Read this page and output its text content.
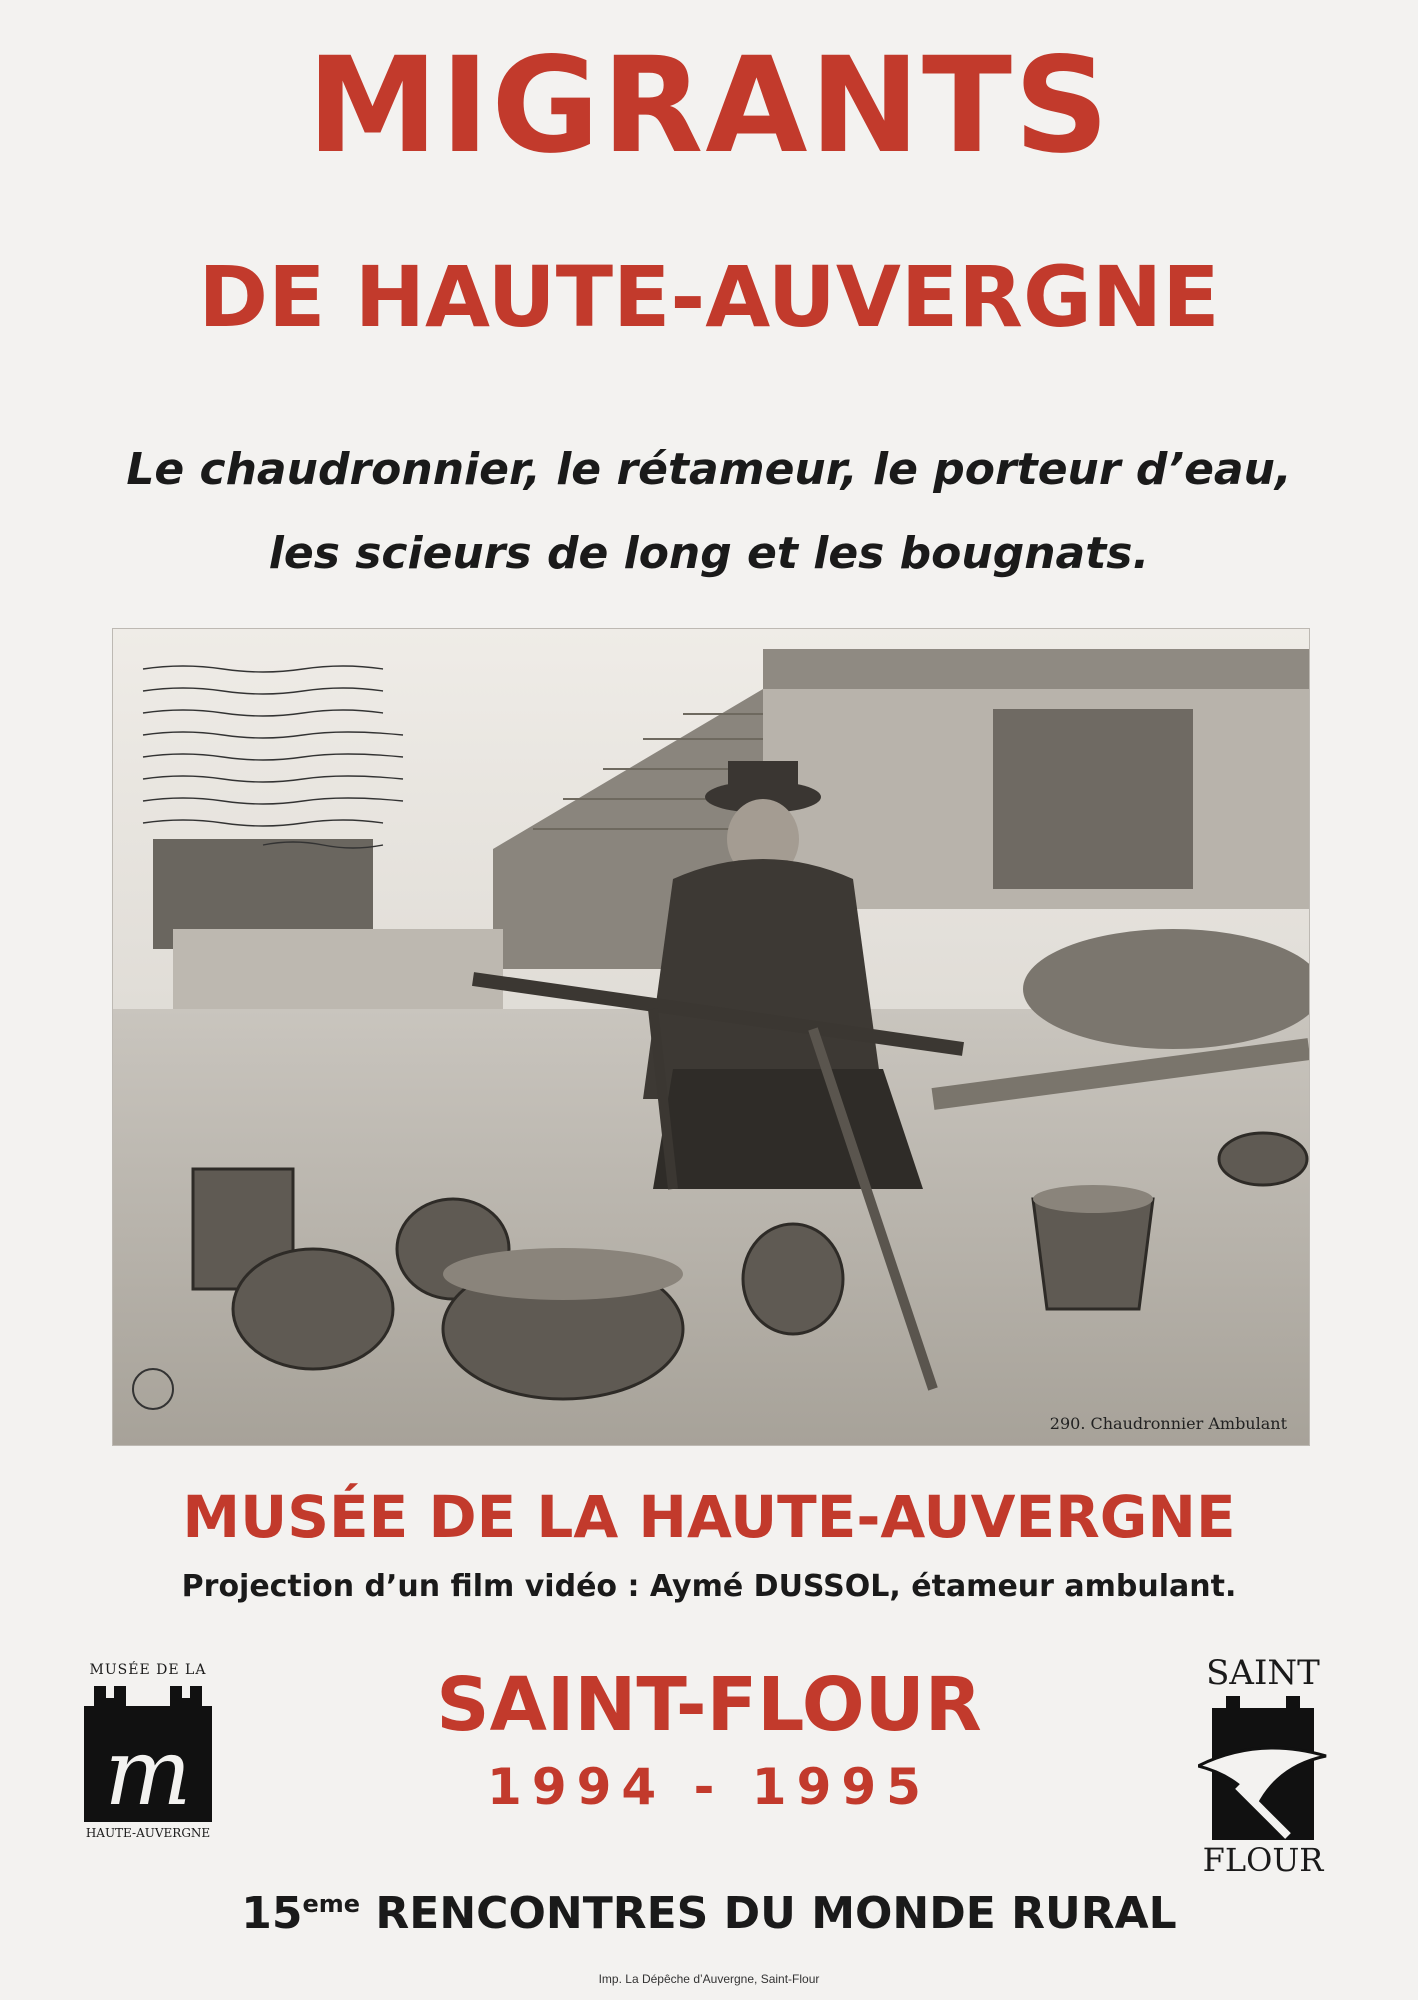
MIGRANTS
DE HAUTE-AUVERGNE
Le chaudronnier, le rétameur, le porteur d’eau,
les scieurs de long et les bougnats.
290. Chaudronnier Ambulant
MUSÉE DE LA HAUTE-AUVERGNE
Projection d’un film vidéo : Aymé DUSSOL, étameur ambulant.
SAINT-FLOUR
1994 - 1995
15eme RENCONTRES DU MONDE RURAL
Imp. La Dépêche d’Auvergne, Saint-Flour
MUSÉE DE LA
m
HAUTE-AUVERGNE
SAINT
FLOUR
